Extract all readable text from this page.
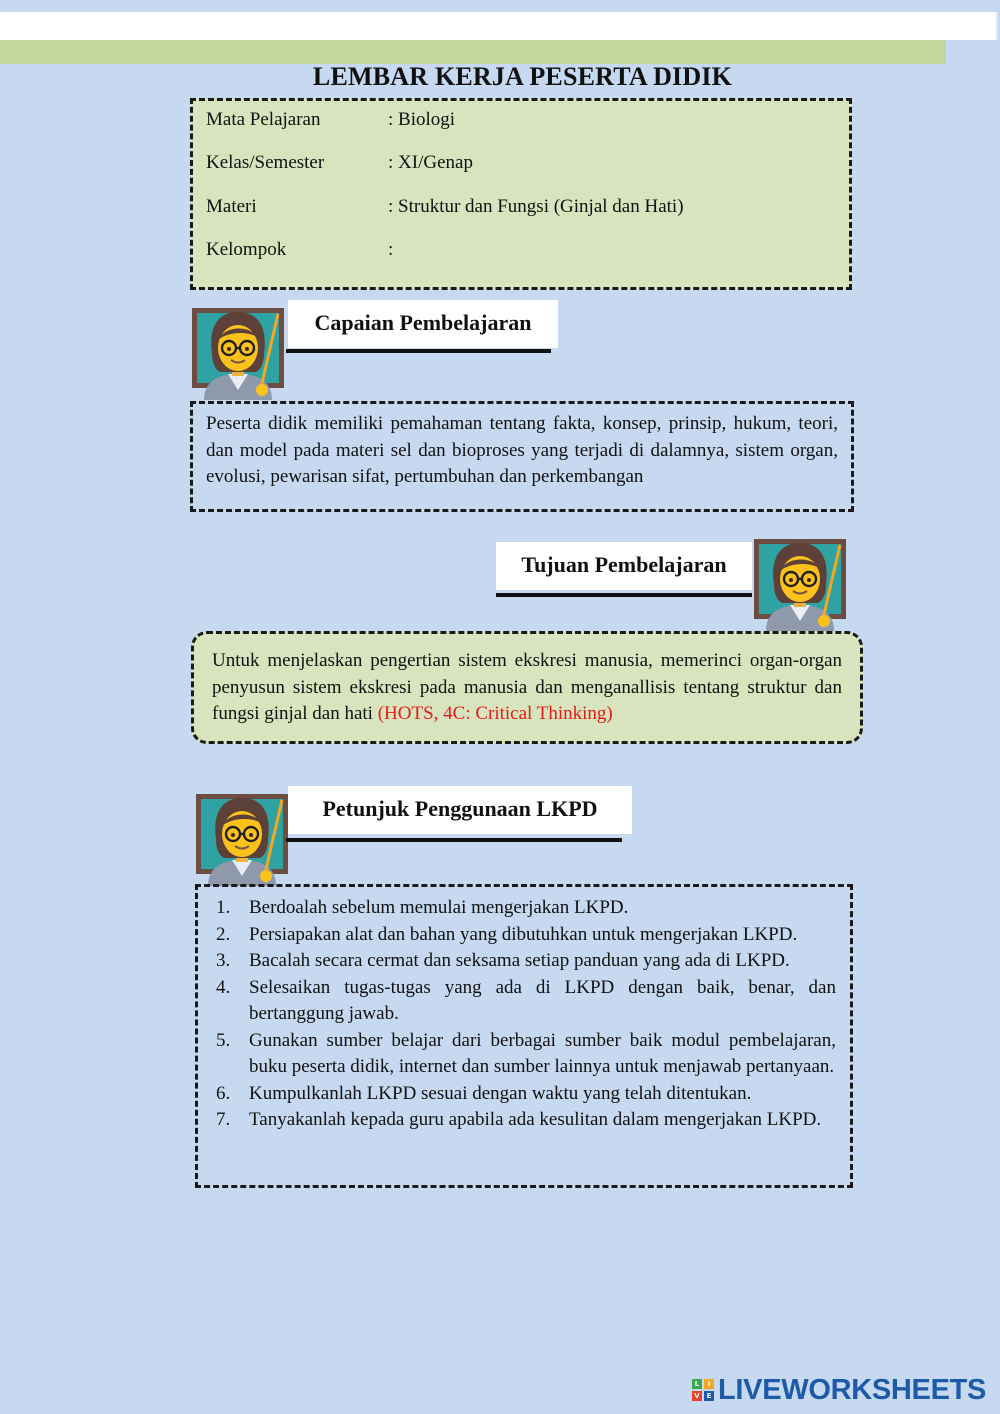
LEMBAR KERJA PESERTA DIDIK
Mata Pelajaran	: Biologi
Kelas/Semester	: XI/Genap
Materi	: Struktur dan Fungsi (Ginjal dan Hati)
Kelompok	:
Capaian Pembelajaran
Peserta didik memiliki pemahaman tentang fakta, konsep, prinsip, hukum, teori, dan model pada materi sel dan bioproses yang terjadi di dalamnya, sistem organ, evolusi, pewarisan sifat, pertumbuhan dan perkembangan
Tujuan Pembelajaran
Untuk menjelaskan pengertian sistem ekskresi manusia, memerinci organ-organ penyusun sistem ekskresi pada manusia dan menganallisis tentang struktur dan fungsi ginjal dan hati (HOTS, 4C: Critical Thinking)
Petunjuk Penggunaan LKPD
1. Berdoalah sebelum memulai mengerjakan LKPD.
2. Persiapakan alat dan bahan yang dibutuhkan untuk mengerjakan LKPD.
3. Bacalah secara cermat dan seksama setiap panduan yang ada di LKPD.
4. Selesaikan tugas-tugas yang ada di LKPD dengan baik, benar, dan bertanggung jawab.
5. Gunakan sumber belajar dari berbagai sumber baik modul pembelajaran, buku peserta didik, internet dan sumber lainnya untuk menjawab pertanyaan.
6. Kumpulkanlah LKPD sesuai dengan waktu yang telah ditentukan.
7. Tanyakanlah kepada guru apabila ada kesulitan dalam mengerjakan LKPD.
L	I
V E LIVEWORKSHEETS
